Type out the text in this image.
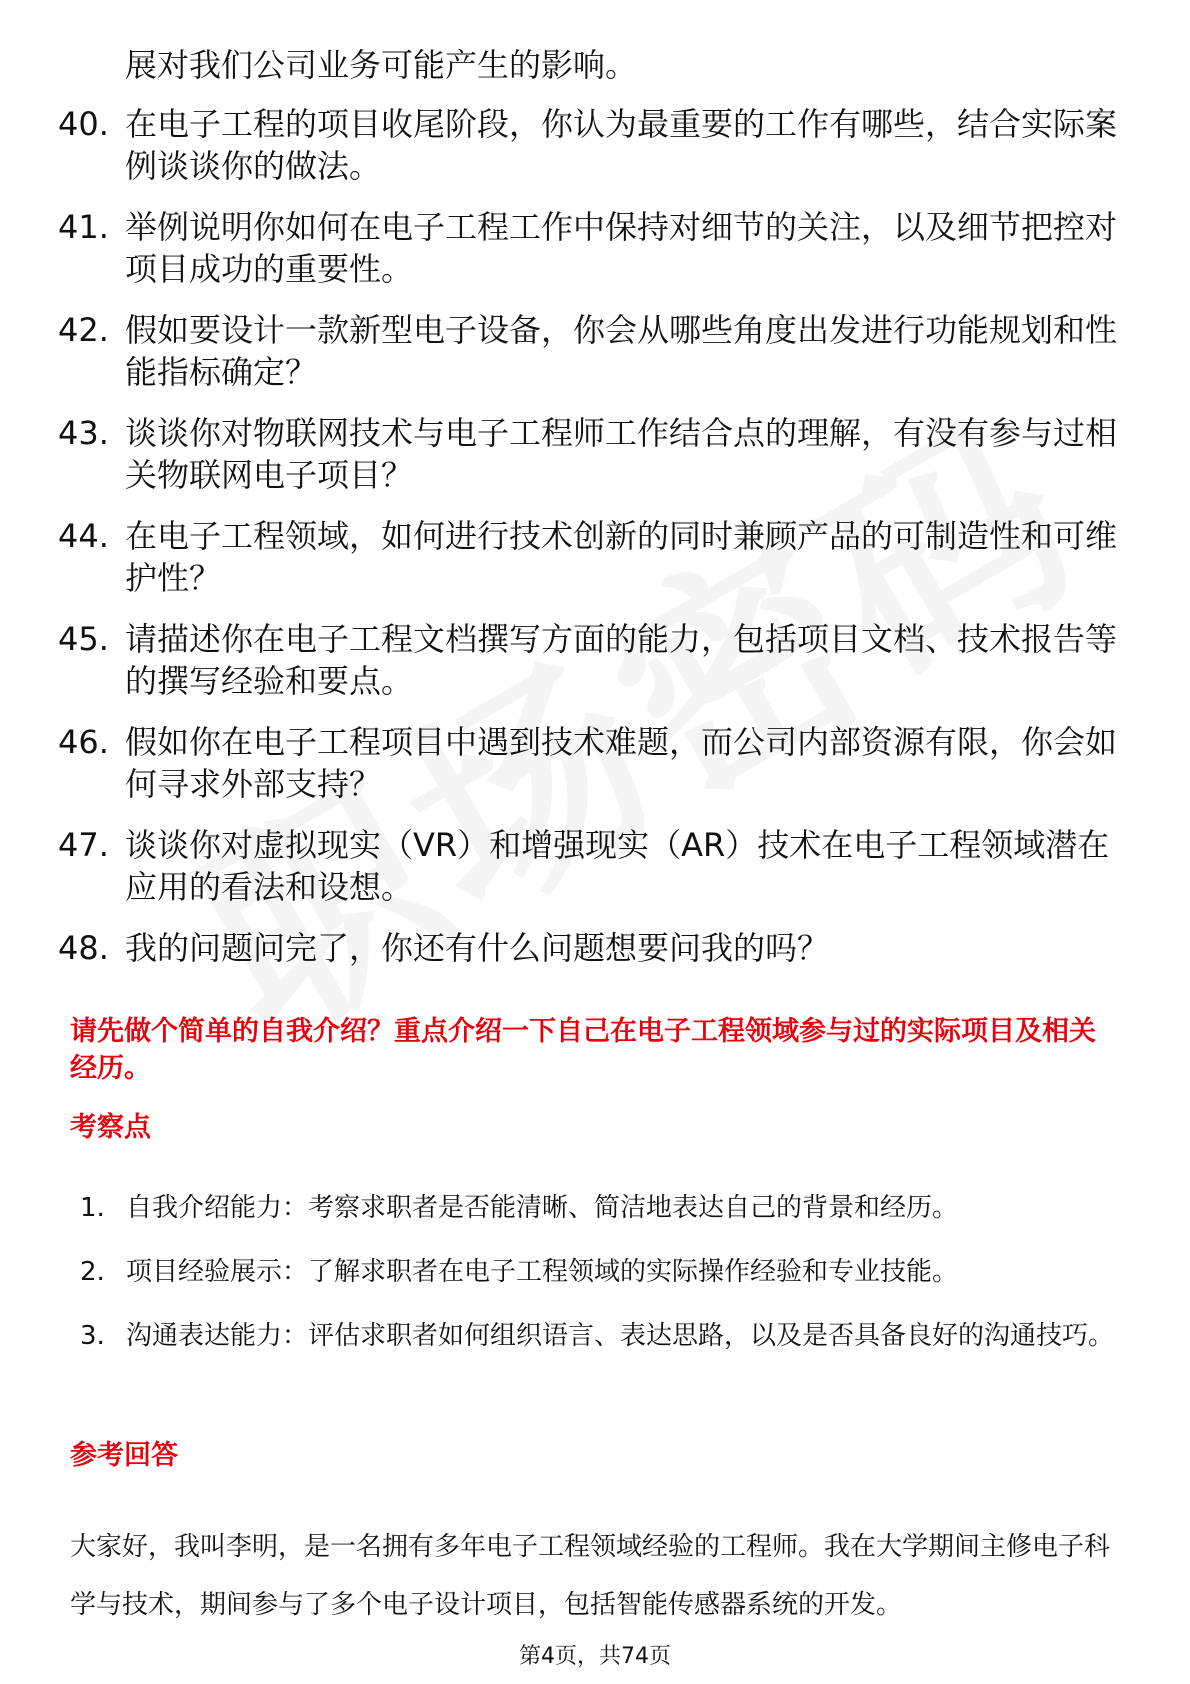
展对我们公司业务可能产生的影响。
40. 在电子工程的项目收尾阶段，你认为最重要的工作有哪些，结合实际案例谈谈你的做法。
41. 举例说明你如何在电子工程工作中保持对细节的关注，以及细节把控对项目成功的重要性。
42. 假如要设计一款新型电子设备，你会从哪些角度出发进行功能规划和性能指标确定？
43. 谈谈你对物联网技术与电子工程师工作结合点的理解，有没有参与过相关物联网电子项目？
44. 在电子工程领域，如何进行技术创新的同时兼顾产品的可制造性和可维护性？
45. 请描述你在电子工程文档撰写方面的能力，包括项目文档、技术报告等的撰写经验和要点。
46. 假如你在电子工程项目中遇到技术难题，而公司内部资源有限，你会如何寻求外部支持？
47. 谈谈你对虚拟现实（VR）和增强现实（AR）技术在电子工程领域潜在应用的看法和设想。
48. 我的问题问完了，你还有什么问题想要问我的吗？
请先做个简单的自我介绍？重点介绍一下自己在电子工程领域参与过的实际项目及相关经历。
考察点
1. 自我介绍能力：考察求职者是否能清晰、简洁地表达自己的背景和经历。
2. 项目经验展示：了解求职者在电子工程领域的实际操作经验和专业技能。
3. 沟通表达能力：评估求职者如何组织语言、表达思路，以及是否具备良好的沟通技巧。
参考回答
大家好，我叫李明，是一名拥有多年电子工程领域经验的工程师。我在大学期间主修电子科学与技术，期间参与了多个电子设计项目，包括智能传感器系统的开发。
第4页，共74页
